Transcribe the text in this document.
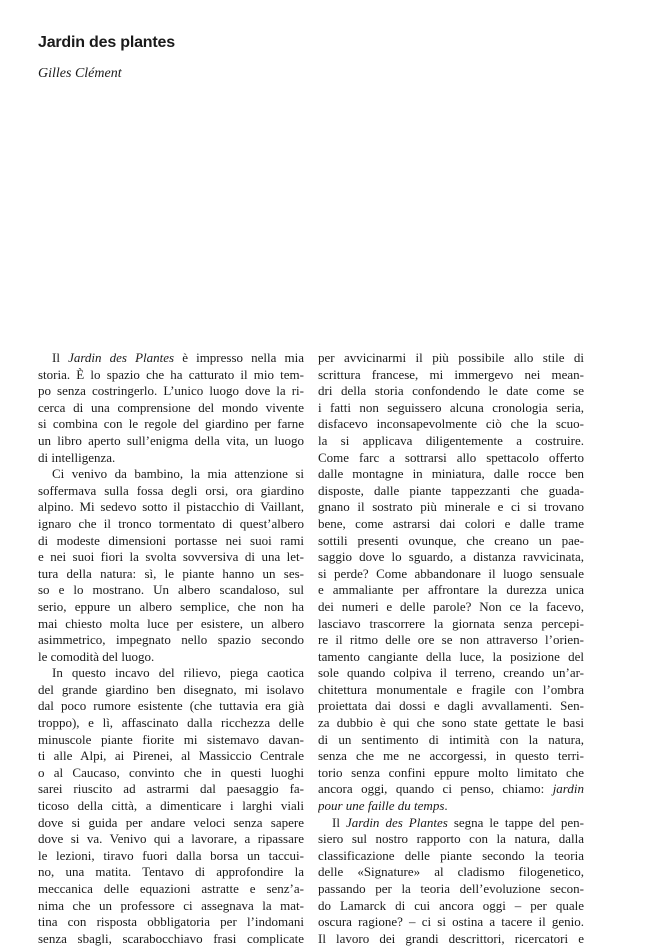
Jardin des plantes

Gilles Clément

Il Jardin des Plantes è impresso nella mia
storia. È lo spazio che ha catturato il mio tem-
po senza costringerlo. L’unico luogo dove la ri-
cerca di una comprensione del mondo vivente
si combina con le regole del giardino per farne
un libro aperto sull’enigma della vita, un luogo
di intelligenza.
Ci venivo da bambino, la mia attenzione si
soffermava sulla fossa degli orsi, ora giardino
alpino. Mi sedevo sotto il pistacchio di Vaillant,
ignaro che il tronco tormentato di quest’albero
di modeste dimensioni portasse nei suoi rami
e nei suoi fiori la svolta sovversiva di una let-
tura della natura: sì, le piante hanno un ses-
so e lo mostrano. Un albero scandaloso, sul
serio, eppure un albero semplice, che non ha
mai chiesto molta luce per esistere, un albero
asimmetrico, impegnato nello spazio secondo
le comodità del luogo.
In questo incavo del rilievo, piega caotica
del grande giardino ben disegnato, mi isolavo
dal poco rumore esistente (che tuttavia era già
troppo), e lì, affascinato dalla ricchezza delle
minuscole piante fiorite mi sistemavo davan-
ti alle Alpi, ai Pirenei, al Massiccio Centrale
o al Caucaso, convinto che in questi luoghi
sarei riuscito ad astrarmi dal paesaggio fa-
ticoso della città, a dimenticare i larghi viali
dove si guida per andare veloci senza sapere
dove si va. Venivo qui a lavorare, a ripassare
le lezioni, tiravo fuori dalla borsa un taccui-
no, una matita. Tentavo di approfondire la
meccanica delle equazioni astratte e senz’a-
nima che un professore ci assegnava la mat-
tina con risposta obbligatoria per l’indomani
senza sbagli, scarabocchiavo frasi complicate
per avvicinarmi il più possibile allo stile di
scrittura francese, mi immergevo nei mean-
dri della storia confondendo le date come se
i fatti non seguissero alcuna cronologia seria,
disfacevo inconsapevolmente ciò che la scuo-
la si applicava diligentemente a costruire.
Come farc a sottrarsi allo spettacolo offerto
dalle montagne in miniatura, dalle rocce ben
disposte, dalle piante tappezzanti che guada-
gnano il sostrato più minerale e ci si trovano
bene, come astrarsi dai colori e dalle trame
sottili presenti ovunque, che creano un pae-
saggio dove lo sguardo, a distanza ravvicinata,
si perde? Come abbandonare il luogo sensuale
e ammaliante per affrontare la durezza unica
dei numeri e delle parole? Non ce la facevo,
lasciavo trascorrere la giornata senza percepi-
re il ritmo delle ore se non attraverso l’orien-
tamento cangiante della luce, la posizione del
sole quando colpiva il terreno, creando un’ar-
chitettura monumentale e fragile con l’ombra
proiettata dai dossi e dagli avvallamenti. Sen-
za dubbio è qui che sono state gettate le basi
di un sentimento di intimità con la natura,
senza che me ne accorgessi, in questo terri-
torio senza confini eppure molto limitato che
ancora oggi, quando ci penso, chiamo: jardin
pour une faille du temps.
Il Jardin des Plantes segna le tappe del pen-
siero sul nostro rapporto con la natura, dalla
classificazione delle piante secondo la teoria
delle «Signature» al cladismo filogenetico,
passando per la teoria dell’evoluzione secon-
do Lamarck di cui ancora oggi – per quale
oscura ragione? – ci si ostina a tacere il genio.
Il lavoro dei grandi descrittori, ricercatori e
